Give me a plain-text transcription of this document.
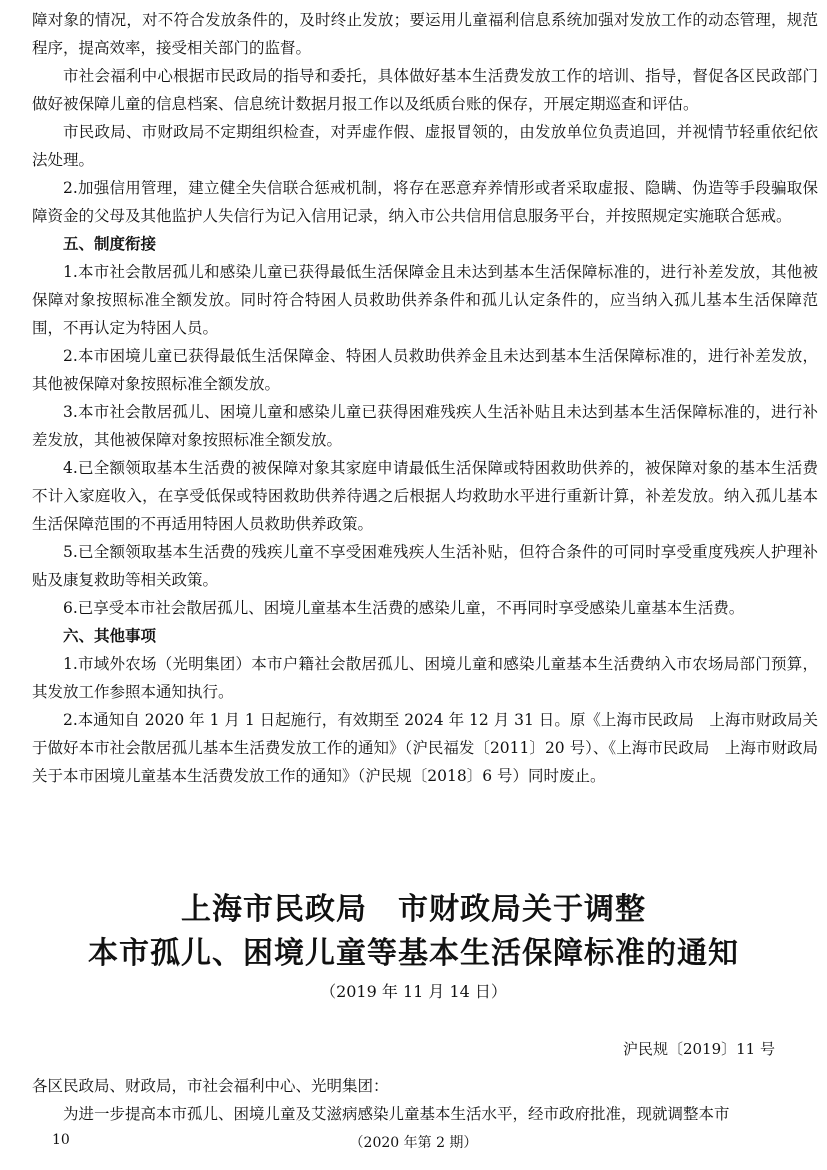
障对象的情况，对不符合发放条件的，及时终止发放；要运用儿童福利信息系统加强对发放工作的动态管理，规范程序，提高效率，接受相关部门的监督。

市社会福利中心根据市民政局的指导和委托，具体做好基本生活费发放工作的培训、指导，督促各区民政部门做好被保障儿童的信息档案、信息统计数据月报工作以及纸质台账的保存，开展定期巡查和评估。

市民政局、市财政局不定期组织检查，对弄虚作假、虚报冒领的，由发放单位负责追回，并视情节轻重依纪依法处理。

2.加强信用管理，建立健全失信联合惩戒机制，将存在恶意弃养情形或者采取虚报、隐瞒、伪造等手段骗取保障资金的父母及其他监护人失信行为记入信用记录，纳入市公共信用信息服务平台，并按照规定实施联合惩戒。

五、制度衔接

1.本市社会散居孤儿和感染儿童已获得最低生活保障金且未达到基本生活保障标准的，进行补差发放，其他被保障对象按照标准全额发放。同时符合特困人员救助供养条件和孤儿认定条件的，应当纳入孤儿基本生活保障范围，不再认定为特困人员。

2.本市困境儿童已获得最低生活保障金、特困人员救助供养金且未达到基本生活保障标准的，进行补差发放，其他被保障对象按照标准全额发放。

3.本市社会散居孤儿、困境儿童和感染儿童已获得困难残疾人生活补贴且未达到基本生活保障标准的，进行补差发放，其他被保障对象按照标准全额发放。

4.已全额领取基本生活费的被保障对象其家庭申请最低生活保障或特困救助供养的，被保障对象的基本生活费不计入家庭收入，在享受低保或特困救助供养待遇之后根据人均救助水平进行重新计算，补差发放。纳入孤儿基本生活保障范围的不再适用特困人员救助供养政策。

5.已全额领取基本生活费的残疾儿童不享受困难残疾人生活补贴，但符合条件的可同时享受重度残疾人护理补贴及康复救助等相关政策。

6.已享受本市社会散居孤儿、困境儿童基本生活费的感染儿童，不再同时享受感染儿童基本生活费。

六、其他事项

1.市域外农场（光明集团）本市户籍社会散居孤儿、困境儿童和感染儿童基本生活费纳入市农场局部门预算，其发放工作参照本通知执行。

2.本通知自 2020 年 1 月 1 日起施行，有效期至 2024 年 12 月 31 日。原《上海市民政局　上海市财政局关于做好本市社会散居孤儿基本生活费发放工作的通知》（沪民福发〔2011〕20 号）、《上海市民政局　上海市财政局关于本市困境儿童基本生活费发放工作的通知》（沪民规〔2018〕6 号）同时废止。

上海市民政局　市财政局关于调整
本市孤儿、困境儿童等基本生活保障标准的通知
（2019 年 11 月 14 日）
沪民规〔2019〕11 号
各区民政局、财政局，市社会福利中心、光明集团：
为进一步提高本市孤儿、困境儿童及艾滋病感染儿童基本生活水平，经市政府批准，现就调整本市
10	（2020 年第 2 期）
